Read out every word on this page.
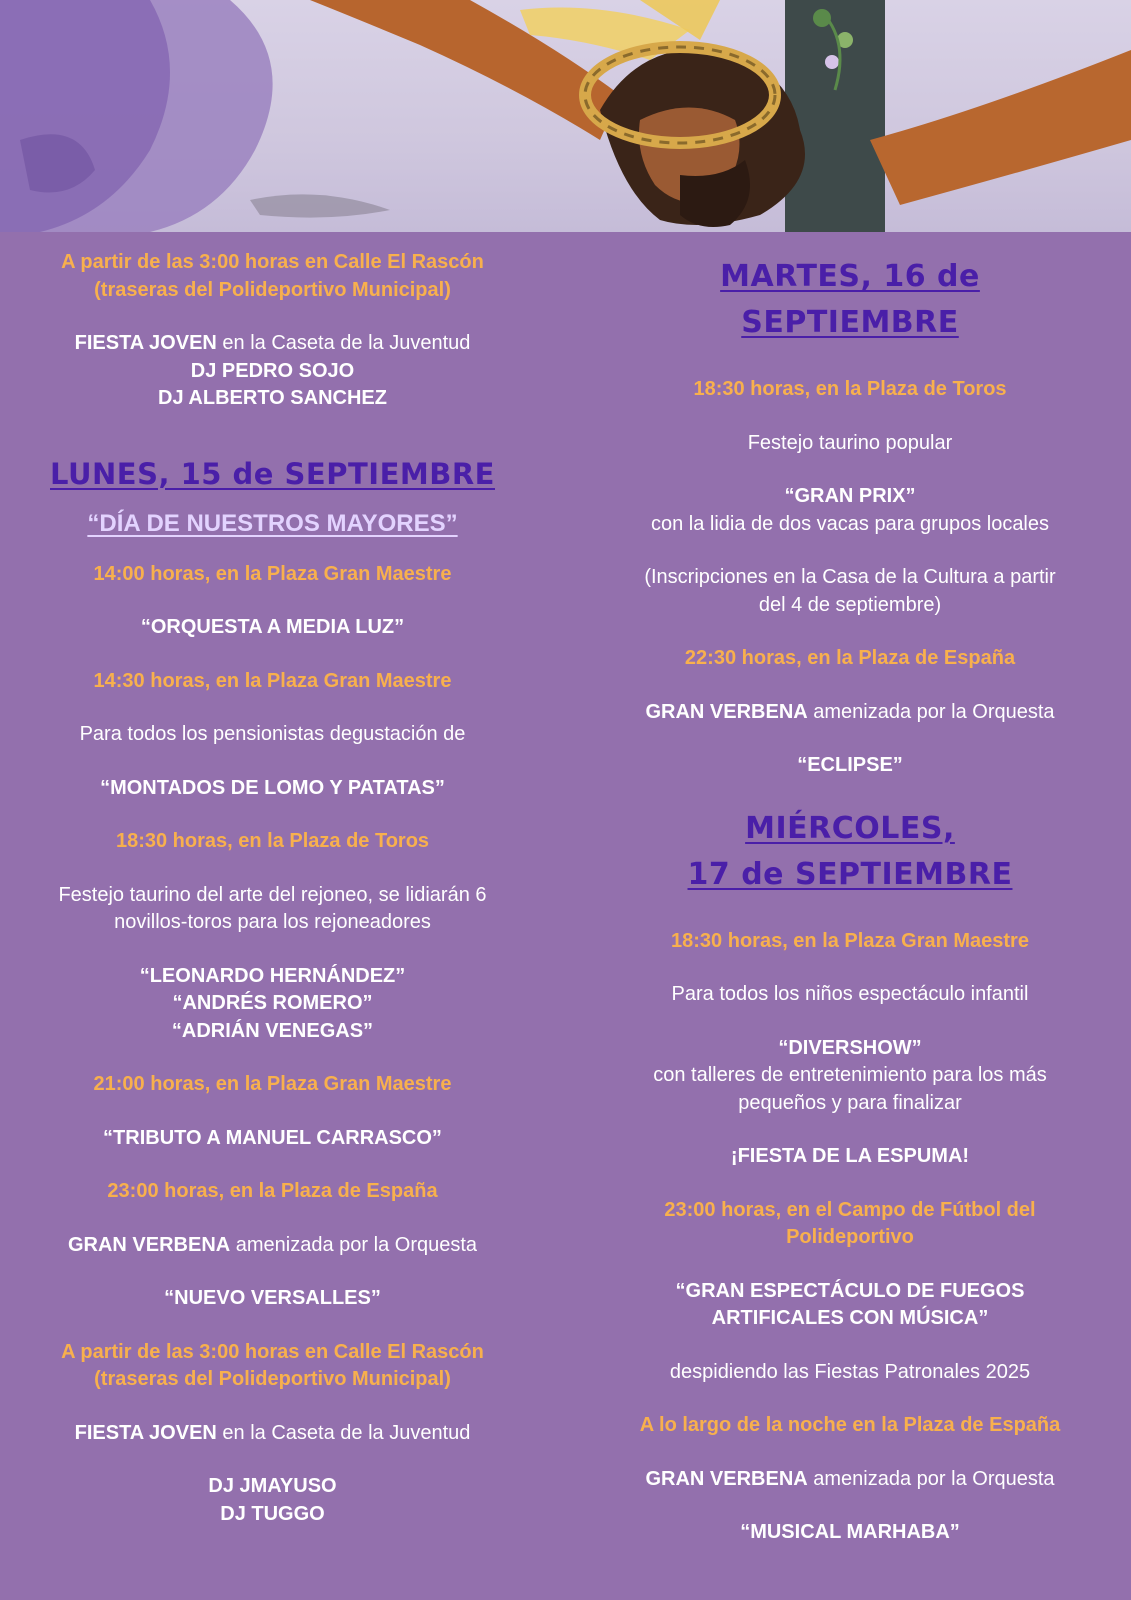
A partir de las 3:00 horas en Calle El Rascón

(traseras del Polideportivo Municipal)

FIESTA JOVEN en la Caseta de la Juventud

DJ PEDRO SOJO

DJ ALBERTO SANCHEZ

LUNES, 15 de SEPTIEMBRE

“DÍA DE NUESTROS MAYORES”

14:00 horas, en la Plaza Gran Maestre

“ORQUESTA A MEDIA LUZ”

14:30 horas, en la Plaza Gran Maestre

Para todos los pensionistas degustación de

“MONTADOS DE LOMO Y PATATAS”

18:30 horas, en la Plaza de Toros

Festejo taurino del arte del rejoneo, se lidiarán 6

novillos-toros para los rejoneadores

“LEONARDO HERNÁNDEZ”

“ANDRÉS ROMERO”

“ADRIÁN VENEGAS”

21:00 horas, en la Plaza Gran Maestre

“TRIBUTO A MANUEL CARRASCO”

23:00 horas, en la Plaza de España

GRAN VERBENA amenizada por la Orquesta

“NUEVO VERSALLES”

A partir de las 3:00 horas en Calle El Rascón

(traseras del Polideportivo Municipal)

FIESTA JOVEN en la Caseta de la Juventud

DJ JMAYUSO

DJ TUGGO

MARTES, 16 de SEPTIEMBRE

18:30 horas, en la Plaza de Toros

Festejo taurino popular

“GRAN PRIX”

con la lidia de dos vacas para grupos locales

(Inscripciones en la Casa de la Cultura a partir

del 4 de septiembre)

22:30 horas, en la Plaza de España

GRAN VERBENA amenizada por la Orquesta

“ECLIPSE”

MIÉRCOLES,

17 de SEPTIEMBRE

18:30 horas, en la Plaza Gran Maestre

Para todos los niños espectáculo infantil

“DIVERSHOW”

con talleres de entretenimiento para los más

pequeños y para finalizar

¡FIESTA DE LA ESPUMA!

23:00 horas, en el Campo de Fútbol del

Polideportivo

“GRAN ESPECTÁCULO DE FUEGOS

ARTIFICALES CON MÚSICA”

despidiendo las Fiestas Patronales 2025

A lo largo de la noche en la Plaza de España

GRAN VERBENA amenizada por la Orquesta

“MUSICAL MARHABA”
